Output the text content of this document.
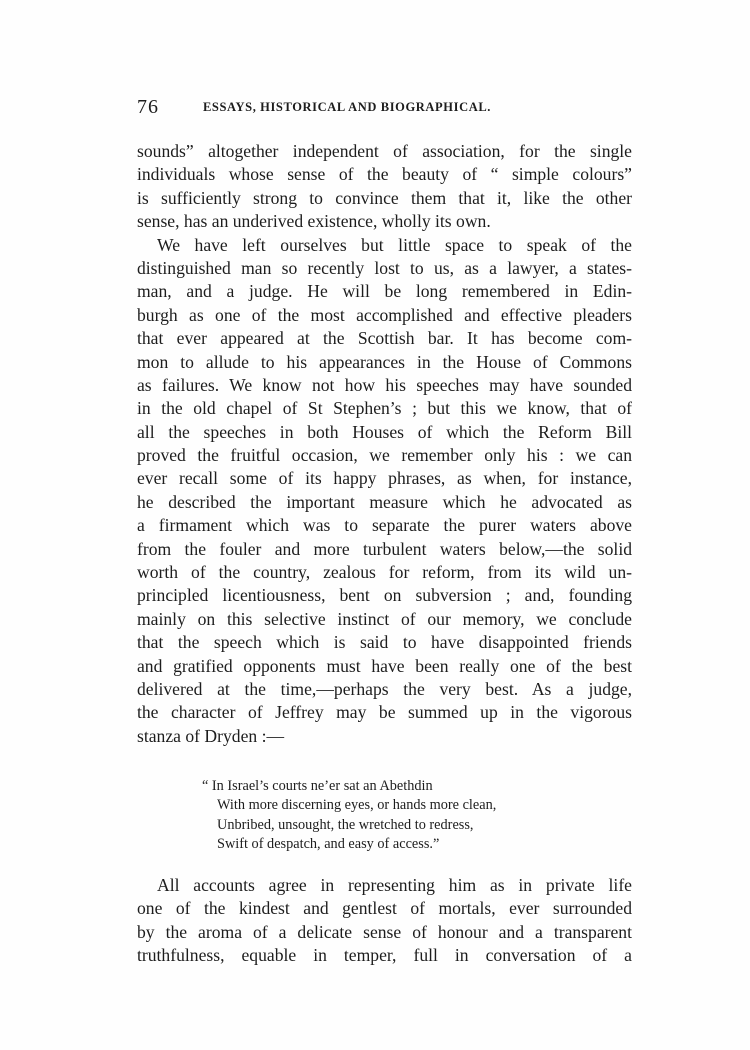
76	ESSAYS, HISTORICAL AND BIOGRAPHICAL.
sounds” altogether independent of association, for the single
individuals whose sense of the beauty of “ simple colours”
is sufficiently strong to convince them that it, like the other
sense, has an underived existence, wholly its own.
We have left ourselves but little space to speak of the
distinguished man so recently lost to us, as a lawyer, a states-
man, and a judge. He will be long remembered in Edin-
burgh as one of the most accomplished and effective pleaders
that ever appeared at the Scottish bar. It has become com-
mon to allude to his appearances in the House of Commons
as failures. We know not how his speeches may have sounded
in the old chapel of St Stephen’s ; but this we know, that of
all the speeches in both Houses of which the Reform Bill
proved the fruitful occasion, we remember only his : we can
ever recall some of its happy phrases, as when, for instance,
he described the important measure which he advocated as
a firmament which was to separate the purer waters above
from the fouler and more turbulent waters below,—the solid
worth of the country, zealous for reform, from its wild un-
principled licentiousness, bent on subversion ; and, founding
mainly on this selective instinct of our memory, we conclude
that the speech which is said to have disappointed friends
and gratified opponents must have been really one of the best
delivered at the time,—perhaps the very best. As a judge,
the character of Jeffrey may be summed up in the vigorous
stanza of Dryden :—
“ In Israel’s courts ne’er sat an Abethdin
With more discerning eyes, or hands more clean,
Unbribed, unsought, the wretched to redress,
Swift of despatch, and easy of access.”
All accounts agree in representing him as in private life
one of the kindest and gentlest of mortals, ever surrounded
by the aroma of a delicate sense of honour and a transparent
truthfulness, equable in temper, full in conversation of a
